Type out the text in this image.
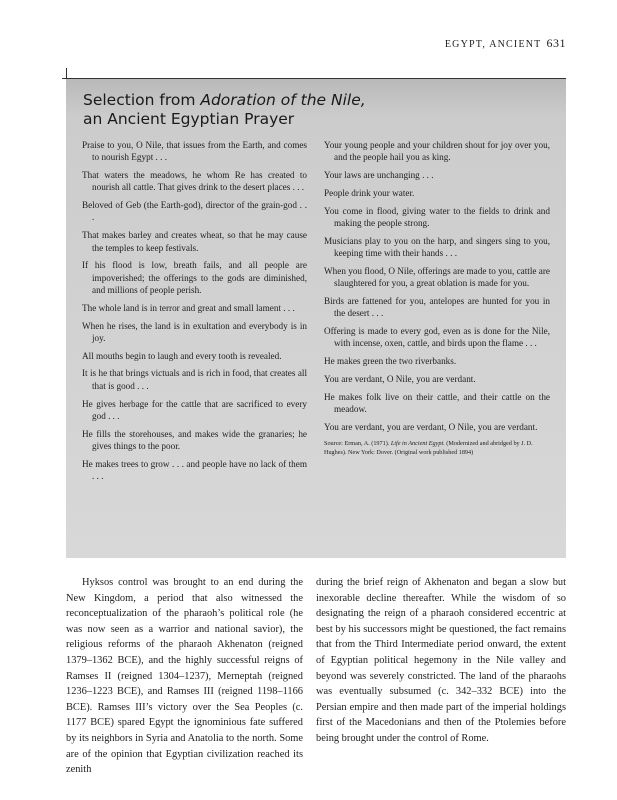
EGYPT, ANCIENT 631
Selection from Adoration of the Nile,
an Ancient Egyptian Prayer

Praise to you, O Nile, that issues from the Earth, and comes to nourish Egypt . . .

That waters the meadows, he whom Re has created to nourish all cattle. That gives drink to the desert places . . .

Beloved of Geb (the Earth-god), director of the grain-god . . .

That makes barley and creates wheat, so that he may cause the temples to keep festivals.

If his flood is low, breath fails, and all people are impoverished; the offerings to the gods are diminished, and millions of people perish.

The whole land is in terror and great and small lament . . .

When he rises, the land is in exultation and everybody is in joy.

All mouths begin to laugh and every tooth is revealed.

It is he that brings victuals and is rich in food, that creates all that is good . . .

He gives herbage for the cattle that are sacrificed to every god . . .

He fills the storehouses, and makes wide the granaries; he gives things to the poor.

He makes trees to grow . . . and people have no lack of them . . .

Your young people and your children shout for joy over you, and the people hail you as king.

Your laws are unchanging . . .

People drink your water.

You come in flood, giving water to the fields to drink and making the people strong.

Musicians play to you on the harp, and singers sing to you, keeping time with their hands . . .

When you flood, O Nile, offerings are made to you, cattle are slaughtered for you, a great oblation is made for you.

Birds are fattened for you, antelopes are hunted for you in the desert . . .

Offering is made to every god, even as is done for the Nile, with incense, oxen, cattle, and birds upon the flame . . .

He makes green the two riverbanks.

You are verdant, O Nile, you are verdant.

He makes folk live on their cattle, and their cattle on the meadow.

You are verdant, you are verdant, O Nile, you are verdant.

Source: Erman, A. (1971). Life in Ancient Egypt. (Modernized and abridged by J. D. Hughes). New York: Dover. (Original work published 1894)

Hyksos control was brought to an end during the New Kingdom, a period that also witnessed the reconceptualization of the pharaoh’s political role (he was now seen as a warrior and national savior), the religious reforms of the pharaoh Akhenaton (reigned 1379–1362 BCE), and the highly successful reigns of Ramses II (reigned 1304–1237), Merneptah (reigned 1236–1223 BCE), and Ramses III (reigned 1198–1166 BCE). Ramses III’s victory over the Sea Peoples (c. 1177 BCE) spared Egypt the ignominious fate suffered by its neighbors in Syria and Anatolia to the north. Some are of the opinion that Egyptian civilization reached its zenith

during the brief reign of Akhenaton and began a slow but inexorable decline thereafter. While the wisdom of so designating the reign of a pharaoh considered eccentric at best by his successors might be questioned, the fact remains that from the Third Intermediate period onward, the extent of Egyptian political hegemony in the Nile valley and beyond was severely constricted. The land of the pharaohs was eventually subsumed (c. 342–332 BCE) into the Persian empire and then made part of the imperial holdings first of the Macedonians and then of the Ptolemies before being brought under the control of Rome.
